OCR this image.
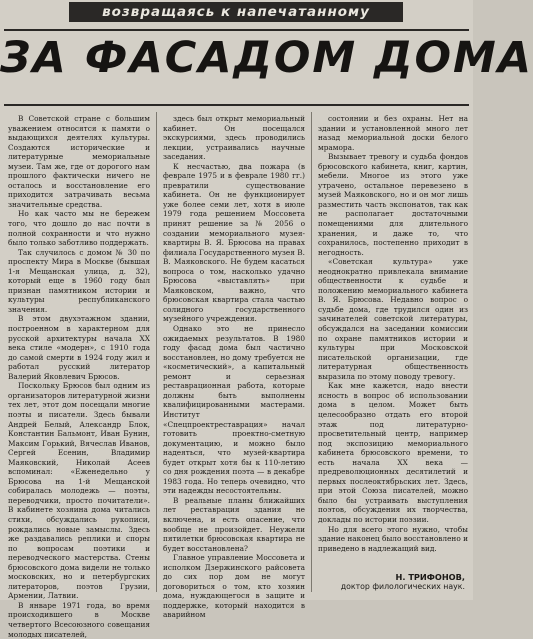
возвращаясь к напечатанному
ЗА ФАСАДОМ ДОМА

В Советской стране с большим уважением относятся к памяти о выдающихся деятелях культуры. Создаются исторические и литературные мемориальные музеи. Там же, где от дорогого нам прошлого фактически ничего не осталось и восстановление его приходится затрачивать весьма значительные средства.

Но как часто мы не бережем того, что дошло до нас почти в полной сохранности и что нужно было только заботливо поддержать.

Так случилось с домом № 30 по проспекту Мира в Москве (бывшая 1-я Мещанская улица, д. 32), который еще в 1960 году был признан памятником истории и культуры республиканского значения.

В этом двухэтажном здании, построенном в характерном для русской архитектуры начала XX века стиле «модерн», с 1910 года до самой смерти в 1924 году жил и работал русский литератор Валерий Яковлевич Брюсов.

Поскольку Брюсов был одним из организаторов литературной жизни тех лет, этот дом посещали многие поэты и писатели. Здесь бывали Андрей Белый, Александр Блок, Константин Бальмонт, Иван Бунин, Максим Горький, Вячеслав Иванов, Сергей Есенин, Владимир Маяковский, Николай Асеев вспоминал: «Еженедельно у Брюсова на 1-й Мещанской собиралась молодежь — поэты, переводчики, просто почитатели». В кабинете хозяина дома читались стихи, обсуждались рукописи, рождались новые замыслы. Здесь же раздавались реплики и споры по вопросам поэтики и переводческого мастерства. Стены брюсовского дома видели не только московских, но и петербургских литераторов, поэтов Грузии, Армении, Латвии.

В январе 1971 года, во время происходившего в Москве четвертого Всесоюзного совещания молодых писателей,

здесь был открыт мемориальный кабинет. Он посещался экскурсиями, здесь проводились лекции, устраивались научные заседания.

К несчастью, два пожара (в феврале 1975 и в феврале 1980 гг.) превратили существование кабинета. Он не функционирует уже более семи лет, хотя в июле 1979 года решением Моссовета принят решение за № 2056 о создании мемориального музея-квартиры В. Я. Брюсова на правах филиала Государственного музея В. В. Маяковского. Не будем касаться вопроса о том, насколько удачно Брюсова «выставлять» при Маяковском, важно, что брюсовская квартира стала частью солидного государственного музейного учреждения.

Однако это не принесло ожидаемых результатов. В 1980 году фасад дома был частично восстановлен, но дому требуется не «косметический», а капитальный ремонт и серьезная реставрационная работа, которые должны быть выполнены квалифицированными мастерами. Институт «Спецпроектреставрация» начал готовить проектно-сметную документацию, и можно было надеяться, что музей-квартира будет открыт хотя бы к 110-летию со дня рождения поэта — в декабре 1983 года. Но теперь очевидно, что эти надежды несостоятельны.

В реальные планы ближайших лет реставрация здания не включена, и есть опасение, что вообще не произойдет. Неужели пятилетки брюсовская квартира не будет восстановлена?

Главное управление Моссовета и исполком Дзержинского райсовета до сих пор дом не могут договориться о том, кто хозяин дома, нуждающегося в защите и поддержке, который находится в аварийном

состоянии и без охраны. Нет на здании и установленной много лет назад мемориальной доски белого мрамора.

Вызывает тревогу и судьба фондов брюсовского кабинета, книг, картин, мебели. Многое из этого уже утрачено, остальное перевезено в музей Маяковского, но и он мог лишь разместить часть экспонатов, так как не располагает достаточными помещениями для длительного хранения, и даже то, что сохранилось, постепенно приходит в негодность.

«Советская культура» уже неоднократно привлекала внимание общественности к судьбе и положению мемориального кабинета В. Я. Брюсова. Недавно вопрос о судьбе дома, где трудился один из зачинателей советской литературы, обсуждался на заседании комиссии по охране памятников истории и культуры при Московской писательской организации, где литературная общественность выразила по этому поводу тревогу.

Как мне кажется, надо внести ясность в вопрос об использовании дома в целом. Может быть целесообразно отдать его второй этаж под литературно-просветительный центр, например под экспозицию мемориального кабинета брюсовского времени, то есть начала XX века — предреволюционных десятилетий и первых послеоктябрьских лет. Здесь, при этой Союза писателей, можно было бы устраивать выступления поэтов, обсуждения их творчества, доклады по истории поэзии.

Но для всего этого нужно, чтобы здание наконец было восстановлено и приведено в надлежащий вид.

Н. ТРИФОНОВ,
доктор филологических наук.
